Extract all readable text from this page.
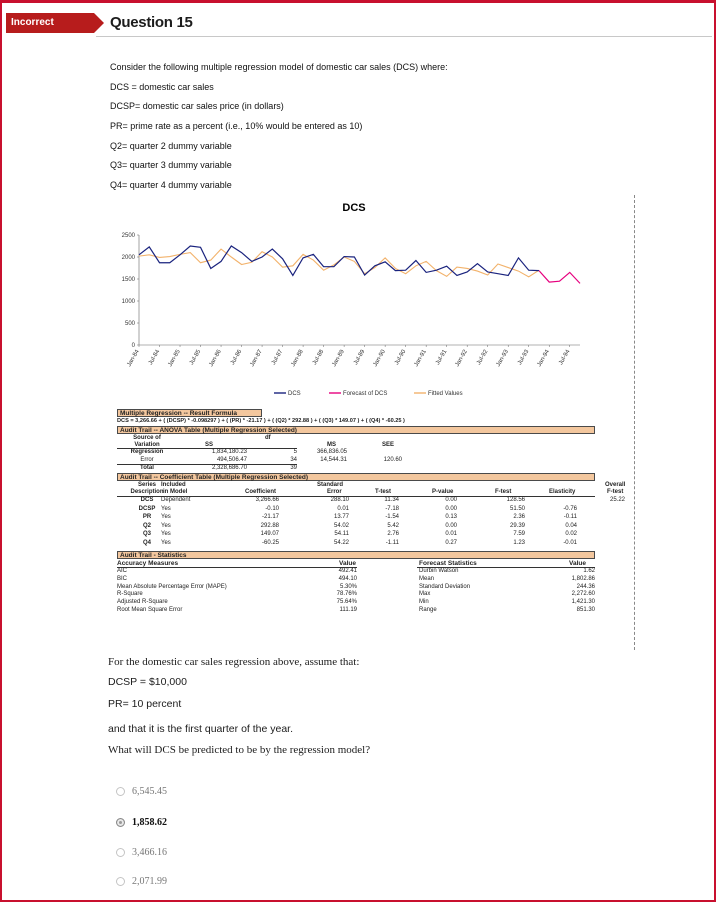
Incorrect	Question 15
Consider the following multiple regression model of domestic car sales (DCS) where:
DCS = domestic car sales
DCSP= domestic car sales price (in dollars)
PR= prime rate as a percent (i.e., 10% would be entered as 10)
Q2= quarter 2 dummy variable
Q3= quarter 3 dummy variable
Q4= quarter 4 dummy variable
DCS
2500
2000
1500
1000
500
0
Jan-84 Jul-84 Jan-85 Jul-85 Jan-86 Jul-86 Jan-87 Jul-87 Jan-88 Jul-88 Jan-89 Jul-89 Jan-90 Jul-90 Jan-91 Jul-91 Jan-92 Jul-92 Jan-93 Jul-93 Jan-94 Jul-94
DCS	Forecast of DCS	Fitted Values
Multiple Regression -- Result Formula
DCS = 3,266.66 + ( (DCSP) * -0.098297 ) + ( (PR) * -21.17 ) + ( (Q2) * 292.88 ) + ( (Q3) * 149.07 ) + ( (Q4) * -60.25 )
Audit Trail -- ANOVA Table (Multiple Regression Selected)
Source of
Variation	SS
df
MS	SEE
Regression	1,834,180.23	5	366,836.05
Error	494,506.47	34	14,544.31	120.60
Total	2,328,686.70	39
Audit Trail -- Coefficient Table (Multiple Regression Selected)
Series
Description
Included
in Model	Coefficient
Standard
Error	T-test	P-value	F-test	Elasticity
Overall
F-test
25.22
DCS	Dependent	3,266.66	288.10	11.34	0.00	128.56
DCSP Yes	-0.10	0.01	-7.18	0.00	51.50	-0.76
PR	Yes	-21.17	13.77	-1.54	0.13	2.36	-0.11
Q2	Yes	292.88	54.02	5.42	0.00	29.39	0.04
Q3	Yes	149.07	54.11	2.76	0.01	7.59	0.02
Q4	Yes	-60.25	54.22	-1.11	0.27	1.23	-0.01
Audit Trail - Statistics
Accuracy Measures	Value	Forecast Statistics	Value
AIC	492.41	Durbin Watson	1.62
BIC	494.10	Mean	1,802.86
Mean Absolute Percentage Error (MAPE)	5.30%	Standard Deviation	244.36
R-Square	78.76%	Max	2,272.60
Adjusted R-Square	75.64%	Min	1,421.30
Root Mean Square Error	111.19	Range	851.30
For the domestic car sales regression above, assume that:
DCSP = $10,000
PR= 10 percent
and that it is the first quarter of the year.
What will DCS be predicted to be by the regression model?
6,545.45
1,858.62
3,466.16
2,071.99
